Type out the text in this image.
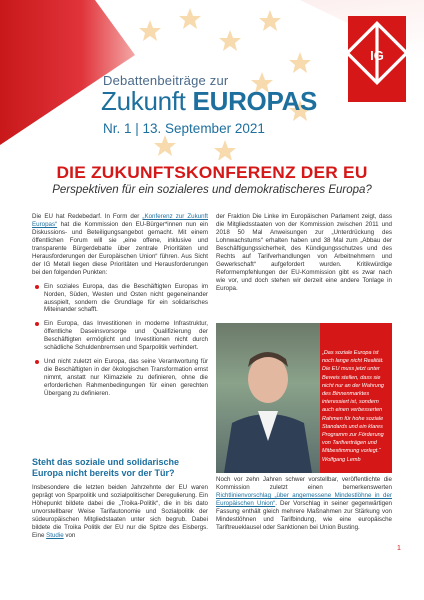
IG
Debattenbeiträge zur
Zukunft EUROPAS
Nr. 1 | 13. September 2021
DIE ZUKUNFTSKONFERENZ DER EU
Perspektiven für ein sozialeres und demokratischeres Europa?

Die EU hat Redebedarf. In Form der „Konferenz zur Zukunft Europas“ hat die Kommission den EU-Bürger*innen nun ein Diskussions- und Beteiligungsangebot gemacht. Mit einem öffentlichen Forum will sie „eine offene, inklusive und transparente Bürgerdebatte über zentrale Prioritäten und Herausforderungen der Europäischen Union“ führen. Aus Sicht der IG Metall liegen diese Prioritäten und Herausforderungen bei den folgenden Punkten:

Ein soziales Europa, das die Beschäftigten Europas im Norden, Süden, Westen und Osten nicht gegeneinander ausspielt, sondern die Grundlage für ein solidarisches Miteinander schafft.
Ein Europa, das Investitionen in moderne Infrastruktur, öffentliche Daseinsvorsorge und Qualifizierung der Beschäftigten ermöglicht und Investitionen nicht durch schädliche Schuldenbremsen und Sparpolitik verhindert.
Und nicht zuletzt ein Europa, das seine Verantwortung für die Beschäftigten in der ökologischen Transformation ernst nimmt, anstatt nur Klimaziele zu definieren, ohne die erforderlichen Rahmenbedingungen für einen gerechten Übergang zu definieren.
Steht das soziale und solidarische Europa nicht bereits vor der Tür?

Insbesondere die letzten beiden Jahrzehnte der EU waren geprägt von Sparpolitik und sozialpolitischer Deregulierung. Ein Höhepunkt bildete dabei die „Troika-Politik“, die in bis dato unvorstellbarer Weise Tarifautonomie und Sozialpolitik der südeuropäischen Mitgliedstaaten unter sich begrub. Dabei bildete die Troika Politik der EU nur die Spitze des Eisbergs. Eine Studie von

der Fraktion Die Linke im Europäischen Parlament zeigt, dass die Mitgliedsstaaten von der Kommission zwischen 2011 und 2018 50 Mal Anweisungen zur „Unterdrückung des Lohnwachstums“ erhalten haben und 38 Mal zum „Abbau der Beschäftigungssicherheit, des Kündigungsschutzes und des Rechts auf Tarifverhandlungen von Arbeitnehmern und Gewerkschaft“ aufgefordert wurden. Kritikwürdige Reformempfehlungen der EU-Kommission gibt es zwar nach wie vor, und doch stehen wir derzeit eine andere Tonlage in Europa.

„Das soziale Europa ist noch lange nicht Realität. Die EU muss jetzt unter Beweis stellen, dass sie nicht nur an der Wahrung des Binnenmarktes interessiert ist, sondern auch einen verbesserten Rahmen für hohe soziale Standards und ein klares Programm zur Förderung von Tarifverträgen und Mitbestimmung vorlegt.“
Wolfgang Lemb

Noch vor zehn Jahren schwer vorstellbar, veröffentlichte die Kommission zuletzt einen bemerkenswerten Richtlinienvorschlag „über angemessene Mindestlöhne in der Europäischen Union“. Der Vorschlag in seiner gegenwärtigen Fassung enthält gleich mehrere Maßnahmen zur Stärkung von Mindestlöhnen und Tarifbindung, wie eine europäische Tariftreueklausel oder Sanktionen bei Union Busting.

1
